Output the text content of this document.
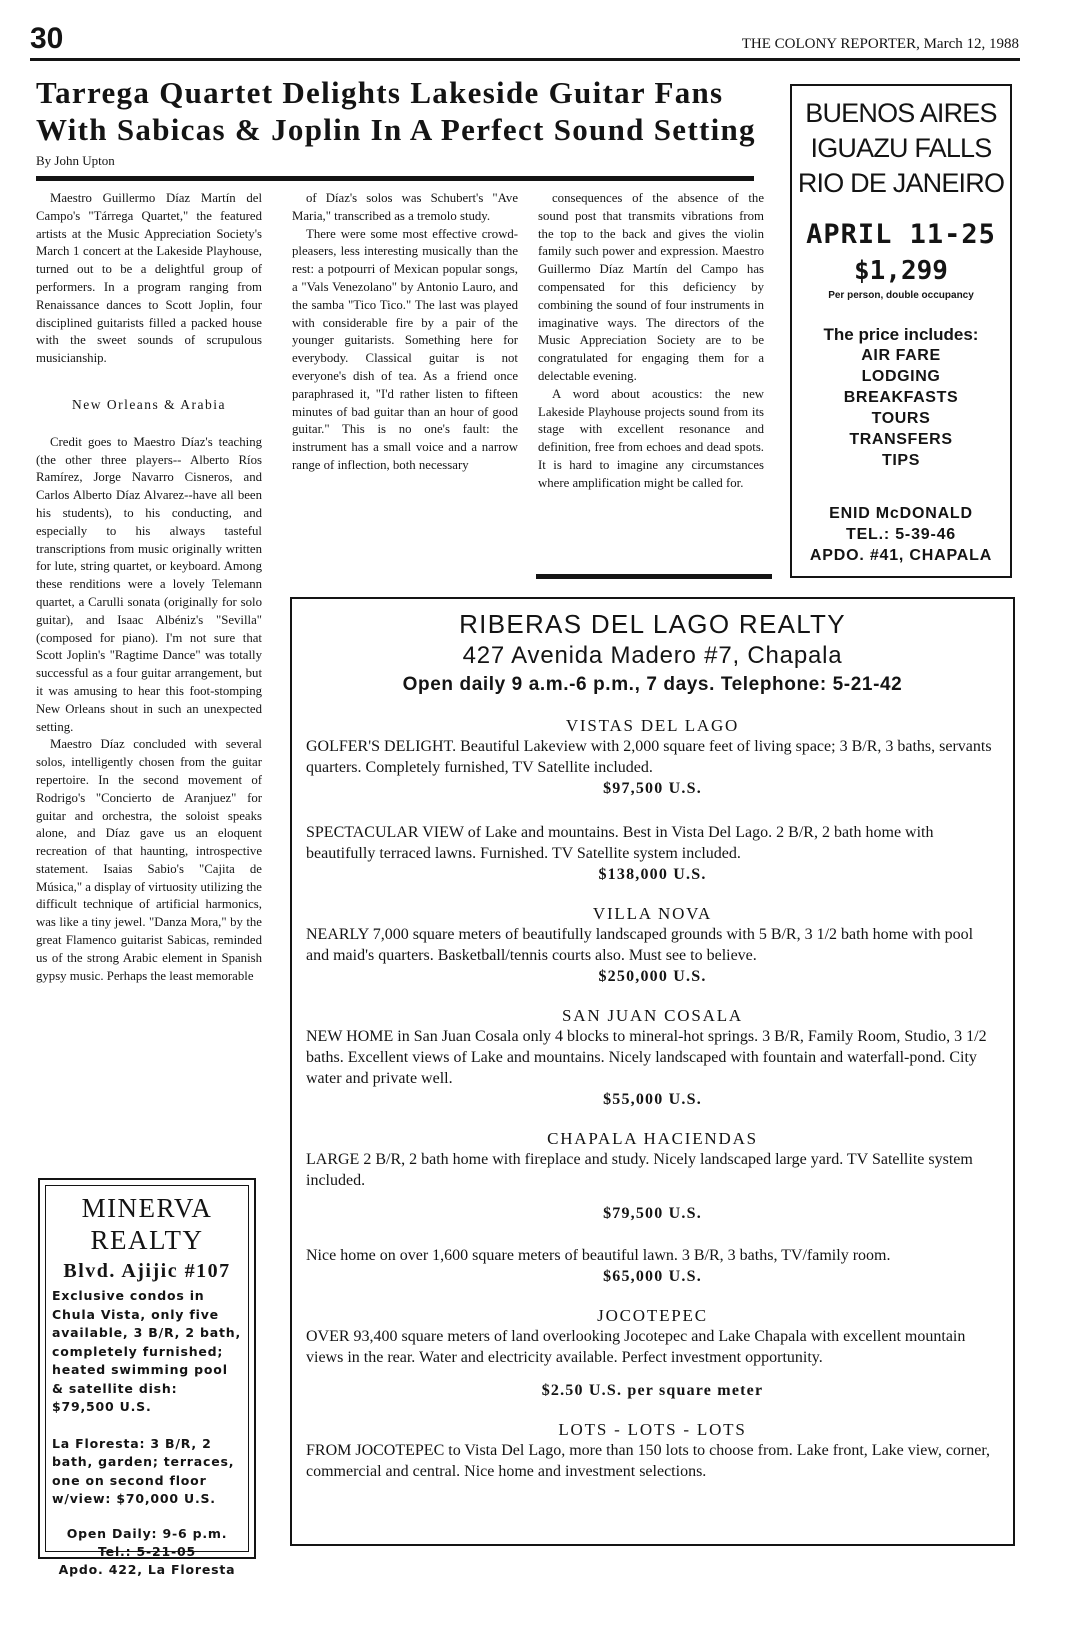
30	THE COLONY REPORTER, March 12, 1988
Tarrega Quartet Delights Lakeside Guitar Fans With Sabicas & Joplin In A Perfect Sound Setting
By John Upton

Maestro Guillermo Díaz Martín del Campo's "Tárrega Quartet," the featured artists at the Music Appreciation Society's March 1 concert at the Lakeside Playhouse, turned out to be a delightful group of performers. In a program ranging from Renaissance dances to Scott Joplin, four disciplined guitarists filled a packed house with the sweet sounds of scrupulous musicianship.

New Orleans & Arabia

Credit goes to Maestro Díaz's teaching (the other three players-- Alberto Ríos Ramírez, Jorge Navarro Cisneros, and Carlos Alberto Díaz Alvarez--have all been his students), to his conducting, and especially to his always tasteful transcriptions from music originally written for lute, string quartet, or keyboard. Among these renditions were a lovely Telemann quartet, a Carulli sonata (originally for solo guitar), and Isaac Albéniz's "Sevilla" (composed for piano). I'm not sure that Scott Joplin's "Ragtime Dance" was totally successful as a four guitar arrangement, but it was amusing to hear this foot-stomping New Orleans shout in such an unexpected setting.

Maestro Díaz concluded with several solos, intelligently chosen from the guitar repertoire. In the second movement of Rodrigo's "Concierto de Aranjuez" for guitar and orchestra, the soloist speaks alone, and Díaz gave us an eloquent recreation of that haunting, introspective statement. Isaias Sabio's "Cajita de Música," a display of virtuosity utilizing the difficult technique of artificial harmonics, was like a tiny jewel. "Danza Mora," by the great Flamenco guitarist Sabicas, reminded us of the strong Arabic element in Spanish gypsy music. Perhaps the least memorable

of Díaz's solos was Schubert's "Ave Maria," transcribed as a tremolo study.

There were some most effective crowd-pleasers, less interesting musically than the rest: a potpourri of Mexican popular songs, a "Vals Venezolano" by Antonio Lauro, and the samba "Tico Tico." The last was played with considerable fire by a pair of the younger guitarists. Something here for everybody. Classical guitar is not everyone's dish of tea. As a friend once paraphrased it, "I'd rather listen to fifteen minutes of bad guitar than an hour of good guitar." This is no one's fault: the instrument has a small voice and a narrow range of inflection, both necessary

consequences of the absence of the sound post that transmits vibrations from the top to the back and gives the violin family such power and expression. Maestro Guillermo Díaz Martín del Campo has compensated for this deficiency by combining the sound of four instruments in imaginative ways. The directors of the Music Appreciation Society are to be congratulated for engaging them for a delectable evening.

A word about acoustics: the new Lakeside Playhouse projects sound from its stage with excellent resonance and definition, free from echoes and dead spots. It is hard to imagine any circumstances where amplification might be called for.

BUENOS AIRES
IGUAZU FALLS
RIO DE JANEIRO
APRIL 11-25
$1,299
Per person, double occupancy
The price includes:
AIR FARE
LODGING
BREAKFASTS
TOURS
TRANSFERS
TIPS
ENID McDONALD
TEL.: 5-39-46
APDO. #41, CHAPALA
MINERVA
REALTY
Blvd. Ajijic #107
Exclusive condos in Chula Vista, only five available, 3 B/R, 2 bath, completely furnished; heated swimming pool & satellite dish: $79,500 U.S.
La Floresta: 3 B/R, 2 bath, garden; terraces, one on second floor w/view: $70,000 U.S.
Open Daily: 9-6 p.m.
Tel.: 5-21-05
Apdo. 422, La Floresta
RIBERAS DEL LAGO REALTY
427 Avenida Madero #7, Chapala
Open daily 9 a.m.-6 p.m., 7 days. Telephone: 5-21-42
VISTAS DEL LAGO
GOLFER'S DELIGHT. Beautiful Lakeview with 2,000 square feet of living space; 3 B/R, 3 baths, servants quarters. Completely furnished, TV Satellite included.
$97,500 U.S.
SPECTACULAR VIEW of Lake and mountains. Best in Vista Del Lago. 2 B/R, 2 bath home with beautifully terraced lawns. Furnished. TV Satellite system included.
$138,000 U.S.
VILLA NOVA
NEARLY 7,000 square meters of beautifully landscaped grounds with 5 B/R, 3 1/2 bath home with pool and maid's quarters. Basketball/tennis courts also. Must see to believe.
$250,000 U.S.
SAN JUAN COSALA
NEW HOME in San Juan Cosala only 4 blocks to mineral-hot springs. 3 B/R, Family Room, Studio, 3 1/2 baths. Excellent views of Lake and mountains. Nicely landscaped with fountain and waterfall-pond. City water and private well.
$55,000 U.S.
CHAPALA HACIENDAS
LARGE 2 B/R, 2 bath home with fireplace and study. Nicely landscaped large yard. TV Satellite system included.
$79,500 U.S.
Nice home on over 1,600 square meters of beautiful lawn. 3 B/R, 3 baths, TV/family room.
$65,000 U.S.
JOCOTEPEC
OVER 93,400 square meters of land overlooking Jocotepec and Lake Chapala with excellent mountain views in the rear. Water and electricity available. Perfect investment opportunity.
$2.50 U.S. per square meter
LOTS - LOTS - LOTS
FROM JOCOTEPEC to Vista Del Lago, more than 150 lots to choose from. Lake front, Lake view, corner, commercial and central. Nice home and investment selections.
